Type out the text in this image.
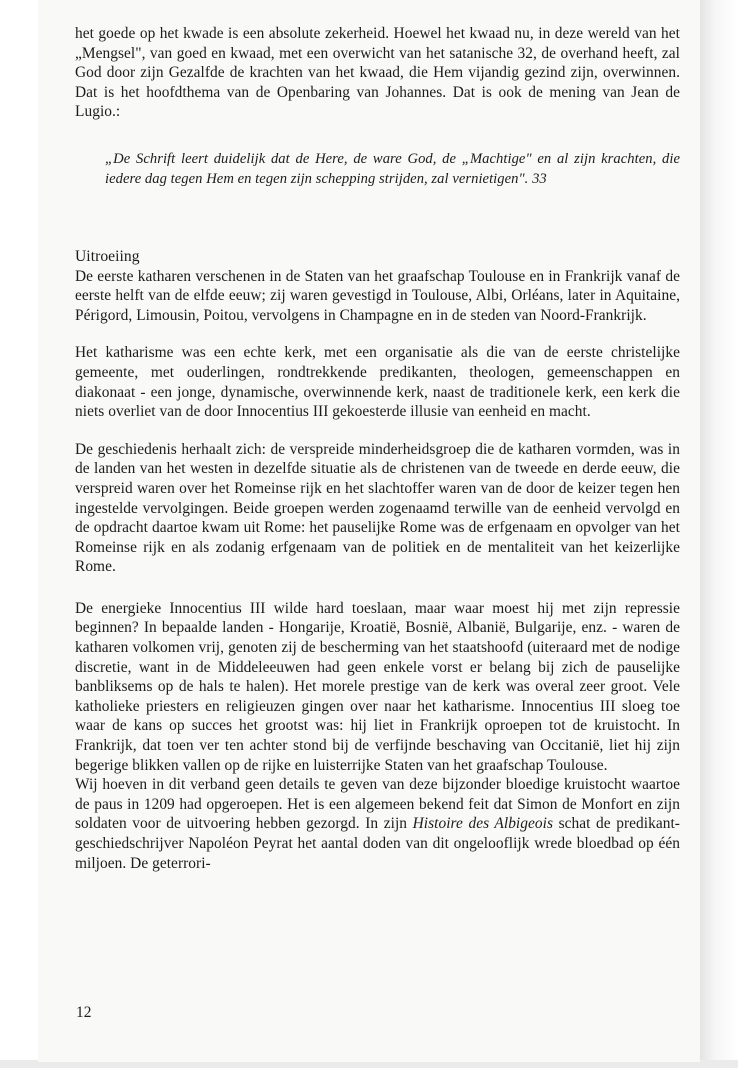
het goede op het kwade is een absolute zekerheid. Hoewel het kwaad nu, in deze wereld van het „Mengsel", van goed en kwaad, met een overwicht van het satanische 32, de overhand heeft, zal God door zijn Gezalfde de krachten van het kwaad, die Hem vijandig gezind zijn, overwinnen. Dat is het hoofdthema van de Openbaring van Johannes. Dat is ook de mening van Jean de Lugio.:

„De Schrift leert duidelijk dat de Here, de ware God, de „Machtige" en al zijn krachten, die iedere dag tegen Hem en tegen zijn schepping strijden, zal vernietigen". 33

Uitroeiing

De eerste katharen verschenen in de Staten van het graafschap Toulouse en in Frankrijk vanaf de eerste helft van de elfde eeuw; zij waren gevestigd in Toulouse, Albi, Orléans, later in Aquitaine, Périgord, Limousin, Poitou, vervolgens in Champagne en in de steden van Noord-Frankrijk.

Het katharisme was een echte kerk, met een organisatie als die van de eerste christelijke gemeente, met ouderlingen, rondtrekkende predikanten, theologen, gemeenschappen en diakonaat - een jonge, dynamische, overwinnende kerk, naast de traditionele kerk, een kerk die niets overliet van de door Innocentius III gekoesterde illusie van eenheid en macht.

De geschiedenis herhaalt zich: de verspreide minderheidsgroep die de katharen vormden, was in de landen van het westen in dezelfde situatie als de christenen van de tweede en derde eeuw, die verspreid waren over het Romeinse rijk en het slachtoffer waren van de door de keizer tegen hen ingestelde vervolgingen. Beide groepen werden zogenaamd terwille van de eenheid vervolgd en de opdracht daartoe kwam uit Rome: het pauselijke Rome was de erfgenaam en opvolger van het Romeinse rijk en als zodanig erfgenaam van de politiek en de mentaliteit van het keizerlijke Rome.

De energieke Innocentius III wilde hard toeslaan, maar waar moest hij met zijn repressie beginnen? In bepaalde landen - Hongarije, Kroatië, Bosnië, Albanië, Bulgarije, enz. - waren de katharen volkomen vrij, genoten zij de bescherming van het staatshoofd (uiteraard met de nodige discretie, want in de Middeleeuwen had geen enkele vorst er belang bij zich de pauselijke banbliksems op de hals te halen). Het morele prestige van de kerk was overal zeer groot. Vele katholieke priesters en religieuzen gingen over naar het katharisme. Innocentius III sloeg toe waar de kans op succes het grootst was: hij liet in Frankrijk oproepen tot de kruistocht. In Frankrijk, dat toen ver ten achter stond bij de verfijnde beschaving van Occitanië, liet hij zijn begerige blikken vallen op de rijke en luisterrijke Staten van het graafschap Toulouse.

Wij hoeven in dit verband geen details te geven van deze bijzonder bloedige kruistocht waartoe de paus in 1209 had opgeroepen. Het is een algemeen bekend feit dat Simon de Monfort en zijn soldaten voor de uitvoering hebben gezorgd. In zijn Histoire des Albigeois schat de predikant-geschiedschrijver Napoléon Peyrat het aantal doden van dit ongelooflijk wrede bloedbad op één miljoen. De geterrori-

12
